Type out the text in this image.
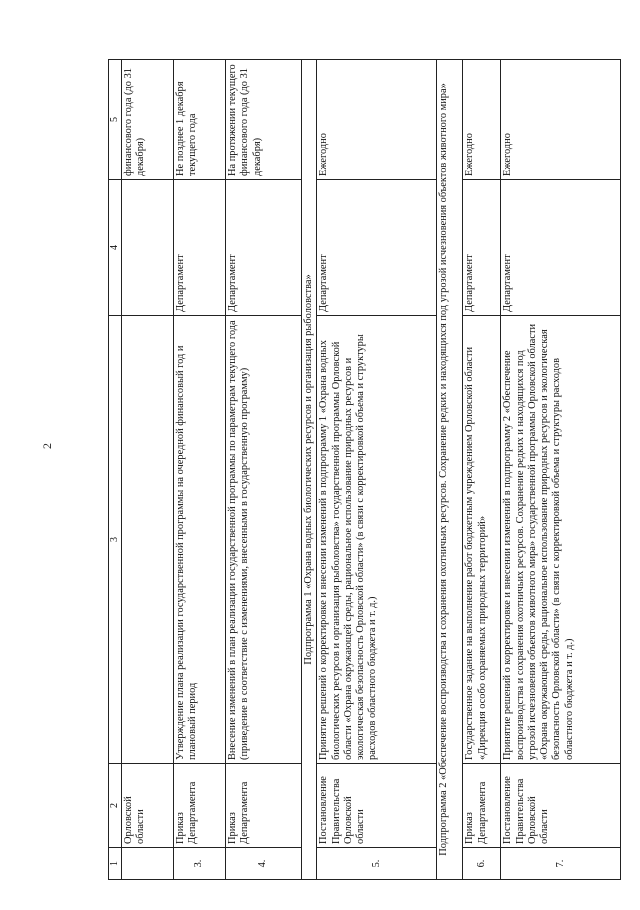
2
1	2	3	4	5
	Орловской области			финансового года (до 31 декабря)
3.	Приказ Департамента	Утверждение плана реализации государственной программы на очередной финансовый год и плановый период	Департамент	Не позднее 1 декабря текущего года
4.	Приказ Департамента	Внесение изменений в план реализации государственной программы по параметрам текущего года (приведение в соответствие с изменениями, внесенными в государственную программу)	Департамент	На протяжении текущего финансового года (до 31 декабря)
Подпрограмма 1 «Охрана водных биологических ресурсов и организация рыболовства»				
5.	Постановление Правительства Орловской области	Принятие решений о корректировке и внесении изменений в подпрограмму 1 «Охрана водных биологических ресурсов и организация рыболовства» государственной программы Орловской области «Охрана окружающей среды, рациональное использование природных ресурсов и экологическая безопасность Орловской области» (в связи с корректировкой объема и структуры расходов областного бюджета и т. д.)	Департамент	Ежегодно
Подпрограмма 2 «Обеспечение воспроизводства и сохранения охотничьих ресурсов. Сохранение редких и находящихся под угрозой исчезновения объектов животного мира»				
6.	Приказ Департамента	Государственное задание на выполнение работ бюджетным учреждением Орловской области «Дирекция особо охраняемых природных территорий»	Департамент	Ежегодно
7.	Постановление Правительства Орловской области	Принятие решений о корректировке и внесении изменений в подпрограмму 2 «Обеспечение воспроизводства и сохранения охотничьих ресурсов. Сохранение редких и находящихся под угрозой исчезновения объектов животного мира» государственной программы Орловской области «Охрана окружающей среды, рациональное использование природных ресурсов и экологическая безопасность Орловской области» (в связи с корректировкой объема и структуры расходов областного бюджета и т. д.)	Департамент	Ежегодно
